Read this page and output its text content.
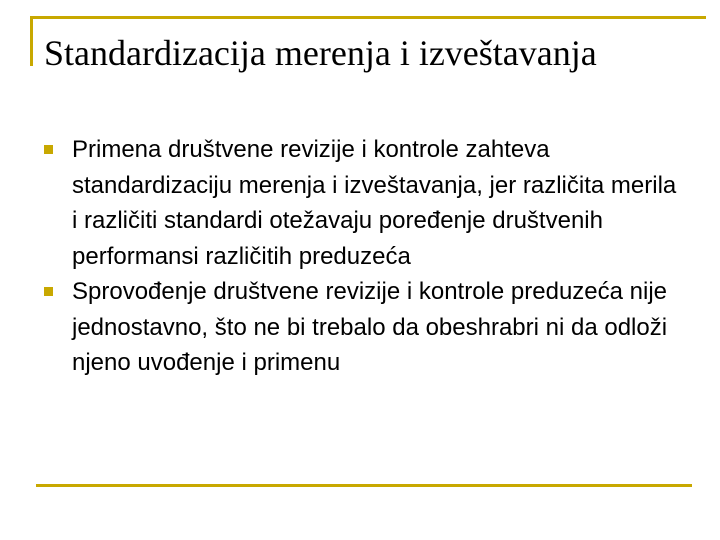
Standardizacija merenja i izveštavanja
Primena društvene revizije i kontrole zahteva standardizaciju merenja i izveštavanja, jer različita merila i različiti standardi otežavaju poređenje društvenih performansi različitih preduzeća
Sprovođenje društvene revizije i kontrole preduzeća nije jednostavno, što ne bi trebalo da obeshrabri ni da odloži njeno uvođenje i primenu
